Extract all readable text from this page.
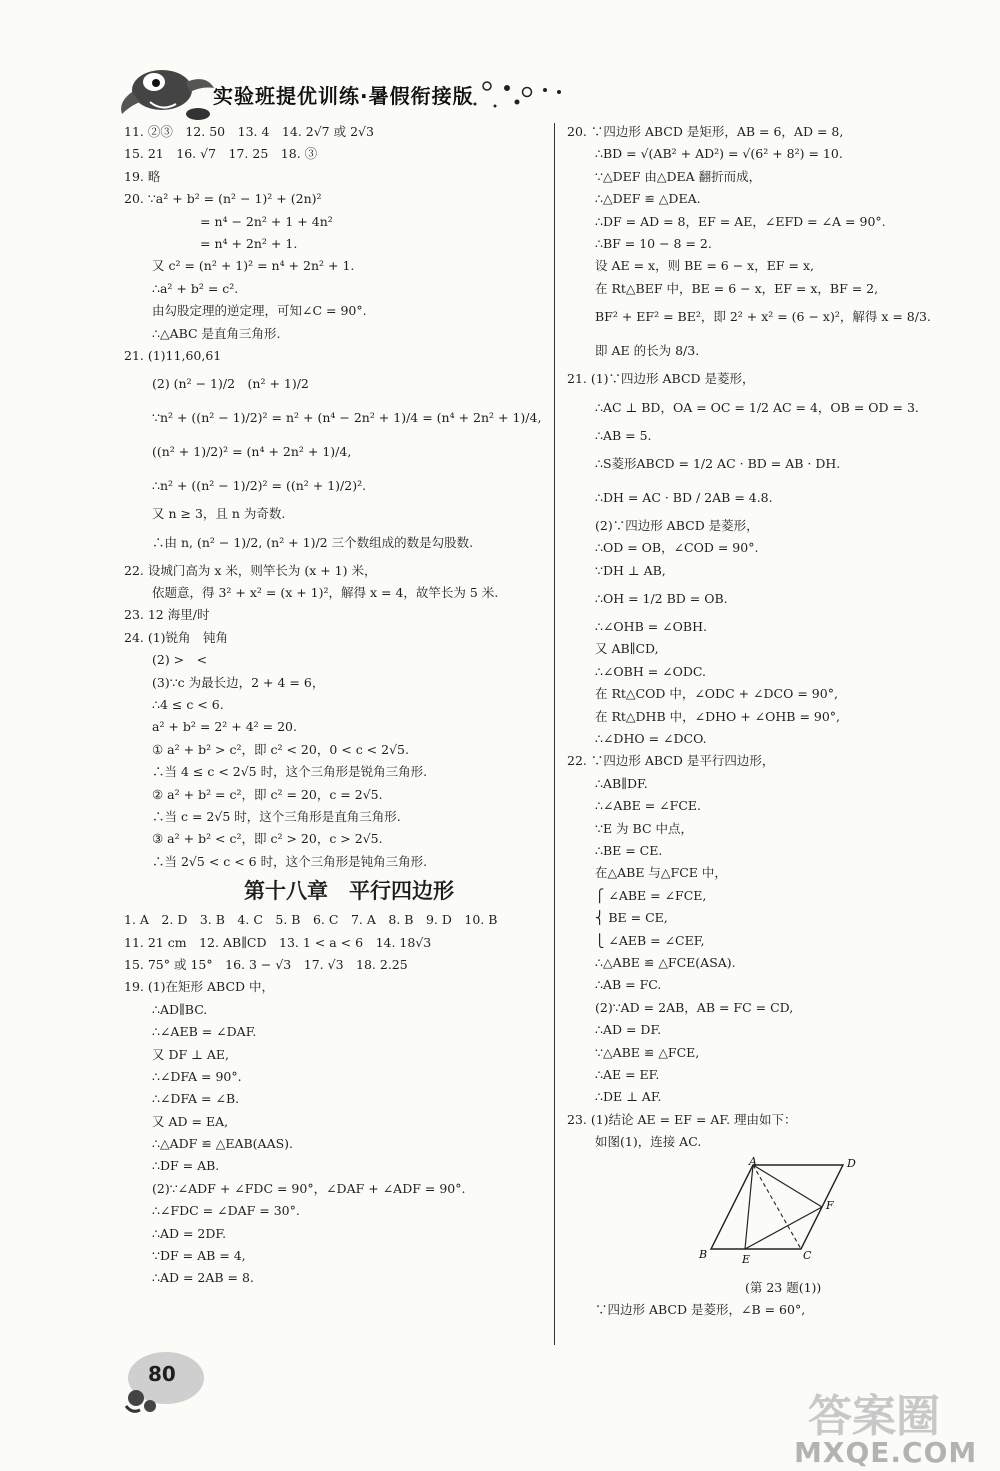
实验班提优训练·暑假衔接版
11. ②③　12. 50　13. 4　14. 2√7 或 2√3
15. 21　16. √7　17. 25　18. ③
19. 略
20. ∵a² + b² = (n² − 1)² + (2n)²
= n⁴ − 2n² + 1 + 4n²
= n⁴ + 2n² + 1.
又 c² = (n² + 1)² = n⁴ + 2n² + 1.
∴a² + b² = c².
由勾股定理的逆定理，可知∠C = 90°.
∴△ABC 是直角三角形.
21. (1)11,60,61
(2) (n² − 1)/2　(n² + 1)/2
∵n² + ((n² − 1)/2)² = n² + (n⁴ − 2n² + 1)/4 = (n⁴ + 2n² + 1)/4,
((n² + 1)/2)² = (n⁴ + 2n² + 1)/4,
∴n² + ((n² − 1)/2)² = ((n² + 1)/2)².
又 n ≥ 3，且 n 为奇数.
∴由 n, (n² − 1)/2, (n² + 1)/2 三个数组成的数是勾股数.
22. 设城门高为 x 米，则竿长为 (x + 1) 米，
依题意，得 3² + x² = (x + 1)²，解得 x = 4，故竿长为 5 米.
23. 12 海里/时
24. (1)锐角　钝角
(2) >　<
(3)∵c 为最长边，2 + 4 = 6，
∴4 ≤ c < 6.
a² + b² = 2² + 4² = 20.
① a² + b² > c²，即 c² < 20，0 < c < 2√5.
∴当 4 ≤ c < 2√5 时，这个三角形是锐角三角形.
② a² + b² = c²，即 c² = 20，c = 2√5.
∴当 c = 2√5 时，这个三角形是直角三角形.
③ a² + b² < c²，即 c² > 20，c > 2√5.
∴当 2√5 < c < 6 时，这个三角形是钝角三角形.
第十八章　平行四边形
1. A　2. D　3. B　4. C　5. B　6. C　7. A　8. B　9. D　10. B
11. 21 cm　12. AB∥CD　13. 1 < a < 6　14. 18√3
15. 75° 或 15°　16. 3 − √3　17. √3　18. 2.25
19. (1)在矩形 ABCD 中，
∴AD∥BC.
∴∠AEB = ∠DAF.
又 DF ⊥ AE,
∴∠DFA = 90°.
∴∠DFA = ∠B.
又 AD = EA,
∴△ADF ≌ △EAB(AAS).
∴DF = AB.
(2)∵∠ADF + ∠FDC = 90°，∠DAF + ∠ADF = 90°.
∴∠FDC = ∠DAF = 30°.
∴AD = 2DF.
∵DF = AB = 4,
∴AD = 2AB = 8.
20. ∵四边形 ABCD 是矩形，AB = 6，AD = 8,
∴BD = √(AB² + AD²) = √(6² + 8²) = 10.
∵△DEF 由△DEA 翻折而成，
∴△DEF ≌ △DEA.
∴DF = AD = 8，EF = AE，∠EFD = ∠A = 90°.
∴BF = 10 − 8 = 2.
设 AE = x，则 BE = 6 − x，EF = x,
在 Rt△BEF 中，BE = 6 − x，EF = x，BF = 2,
BF² + EF² = BE²，即 2² + x² = (6 − x)²，解得 x = 8/3.
即 AE 的长为 8/3.
21. (1)∵四边形 ABCD 是菱形，
∴AC ⊥ BD，OA = OC = 1/2 AC = 4，OB = OD = 3.
∴AB = 5.
∴S菱形ABCD = 1/2 AC · BD = AB · DH.
∴DH = AC · BD / 2AB = 4.8.
(2)∵四边形 ABCD 是菱形，
∴OD = OB，∠COD = 90°.
∵DH ⊥ AB,
∴OH = 1/2 BD = OB.
∴∠OHB = ∠OBH.
又 AB∥CD,
∴∠OBH = ∠ODC.
在 Rt△COD 中，∠ODC + ∠DCO = 90°,
在 Rt△DHB 中，∠DHO + ∠OHB = 90°,
∴∠DHO = ∠DCO.
22. ∵四边形 ABCD 是平行四边形，
∴AB∥DF.
∴∠ABE = ∠FCE.
∵E 为 BC 中点，
∴BE = CE.
在△ABE 与△FCE 中，
⎧ ∠ABE = ∠FCE,
⎨ BE = CE,
⎩ ∠AEB = ∠CEF,
∴△ABE ≌ △FCE(ASA).
∴AB = FC.
(2)∵AD = 2AB，AB = FC = CD,
∴AD = DF.
∵△ABE ≌ △FCE,
∴AE = EF.
∴DE ⊥ AF.
23. (1)结论 AE = EF = AF. 理由如下：
如图(1)，连接 AC.
A	D
B	E	C
F
(第 23 题(1))
∵四边形 ABCD 是菱形，∠B = 60°,
80
答案圈
MXQE.COM
